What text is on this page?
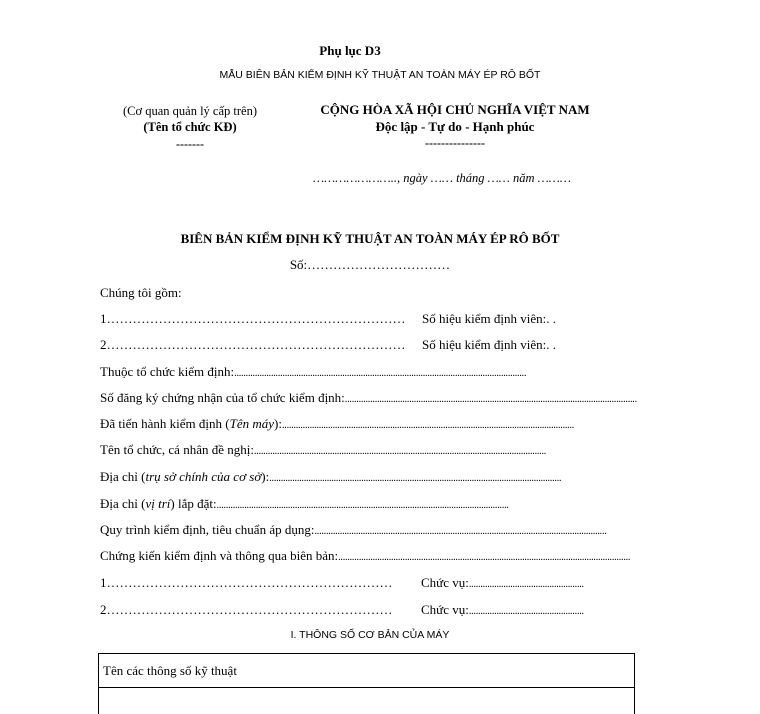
Phụ lục D3
MẪU BIÊN BẢN KIỂM ĐỊNH KỸ THUẬT AN TOÀN MÁY ÉP RÔ BỐT
(Cơ quan quản lý cấp trên)
(Tên tổ chức KĐ)
-------
CỘNG HÒA XÃ HỘI CHỦ NGHĨA VIỆT NAM
Độc lập - Tự do - Hạnh phúc
---------------
………………….., ngày …… tháng …… năm ………
BIÊN BẢN KIỂM ĐỊNH KỸ THUẬT AN TOÀN MÁY ÉP RÔ BỐT
Số:……………………………
Chúng tôi gồm:
1…………………………………………………………… Số hiệu kiểm định viên:. .
2…………………………………………………………… Số hiệu kiểm định viên:. .
Thuộc tổ chức kiểm định: ...............................................................................................................................
Số đăng ký chứng nhận của tổ chức kiểm định: ...............................................................................................................................
Đã tiến hành kiểm định (Tên máy): ...............................................................................................................................
Tên tổ chức, cá nhân đề nghị: ...............................................................................................................................
Địa chỉ (trụ sở chính của cơ sở): ...............................................................................................................................
Địa chỉ (vị trí) lắp đặt: ...............................................................................................................................
Quy trình kiểm định, tiêu chuẩn áp dụng: ...............................................................................................................................
Chứng kiến kiểm định và thông qua biên bản: ...............................................................................................................................
1………………………………………………………… Chức vụ: ..................................................
2………………………………………………………… Chức vụ: ..................................................
I. THÔNG SỐ CƠ BẢN CỦA MÁY
Tên các thông số kỹ thuật
